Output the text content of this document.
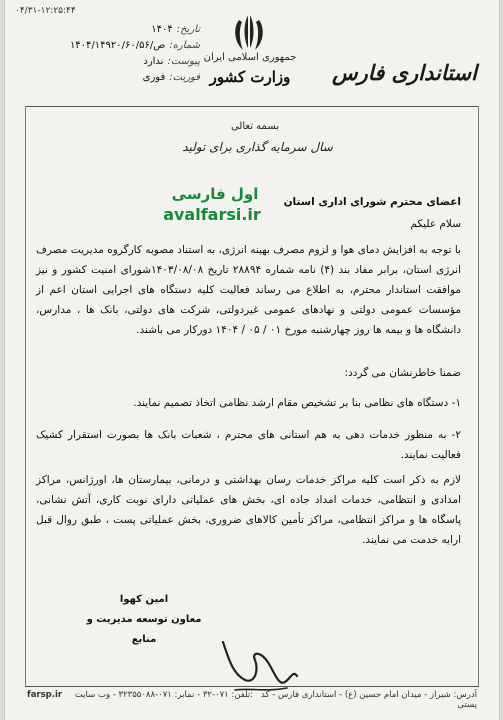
۰۴/۳۱-۱۲:۲۵:۴۴
تاریخ:
۱۴۰۴
شماره:
ص/۱۴۰۴/۱۴۹۲۰/۶۰/۵۶
پیوست:
ندارد
فوریت:
فوری
جمهوری اسلامی ایران
وزارت کشور	استانداری فارس
بسمه تعالی
سال سرمایه گذاری برای تولید
اول فارسی
avalfarsi.ir
اعضای محترم شورای اداری استان
سلام علیکم
با توجه به افزایش دمای هوا و لزوم مصرف بهینه انرژی، به استناد مصوبه کارگروه مدیریت مصرف انرژی استان، برابر مفاد بند (۴) نامه شماره ۲۸۸۹۴ تاریخ ۱۴۰۳/۰۸/۰۸شورای امنیت کشور و نیز موافقت استاندار محترم، به اطلاع می رساند فعالیت کلیه دستگاه های اجرایی استان اعم از مؤسسات عمومی دولتی و نهادهای عمومی غیردولتی، شرکت های دولتی، بانک ها ، مدارس، دانشگاه ها و بیمه ها روز چهارشنبه مورخ ۰۱ / ۰۵ / ۱۴۰۴ دورکار می باشند.
ضمنا خاطرنشان می گردد:
۱- دستگاه های نظامی بنا بر تشخیص مقام ارشد نظامی اتخاذ تصمیم نمایند.
۲- به منظور خدمات دهی به هم استانی های محترم ، شعبات بانک ها بصورت استقرار کشیک فعالیت نمایند.
لازم به ذکر است کلیه مراکز خدمات رسان بهداشتی و درمانی، بیمارستان ها، اورژانس، مراکز امدادی و انتظامی، خدمات امداد جاده ای، بخش های عملیاتی دارای نوبت کاری، آتش نشانی، پاسگاه ها و مراکز انتظامی، مراکز تأمین کالاهای ضروری، بخش عملیاتی پست ، طبق روال قبل ارایه خدمت می نمایند.
امین کهوا
معاون توسعه مدیریت و منابع
farsp.ir تلفن: ۰۷۱-۳۲ - نمابر: ۰۷۱-۳۲۳۵۵۰۸۸ - وب سایت: آدرس: شیراز - میدان امام حسین (ع) - استانداری فارس - کد پستی
